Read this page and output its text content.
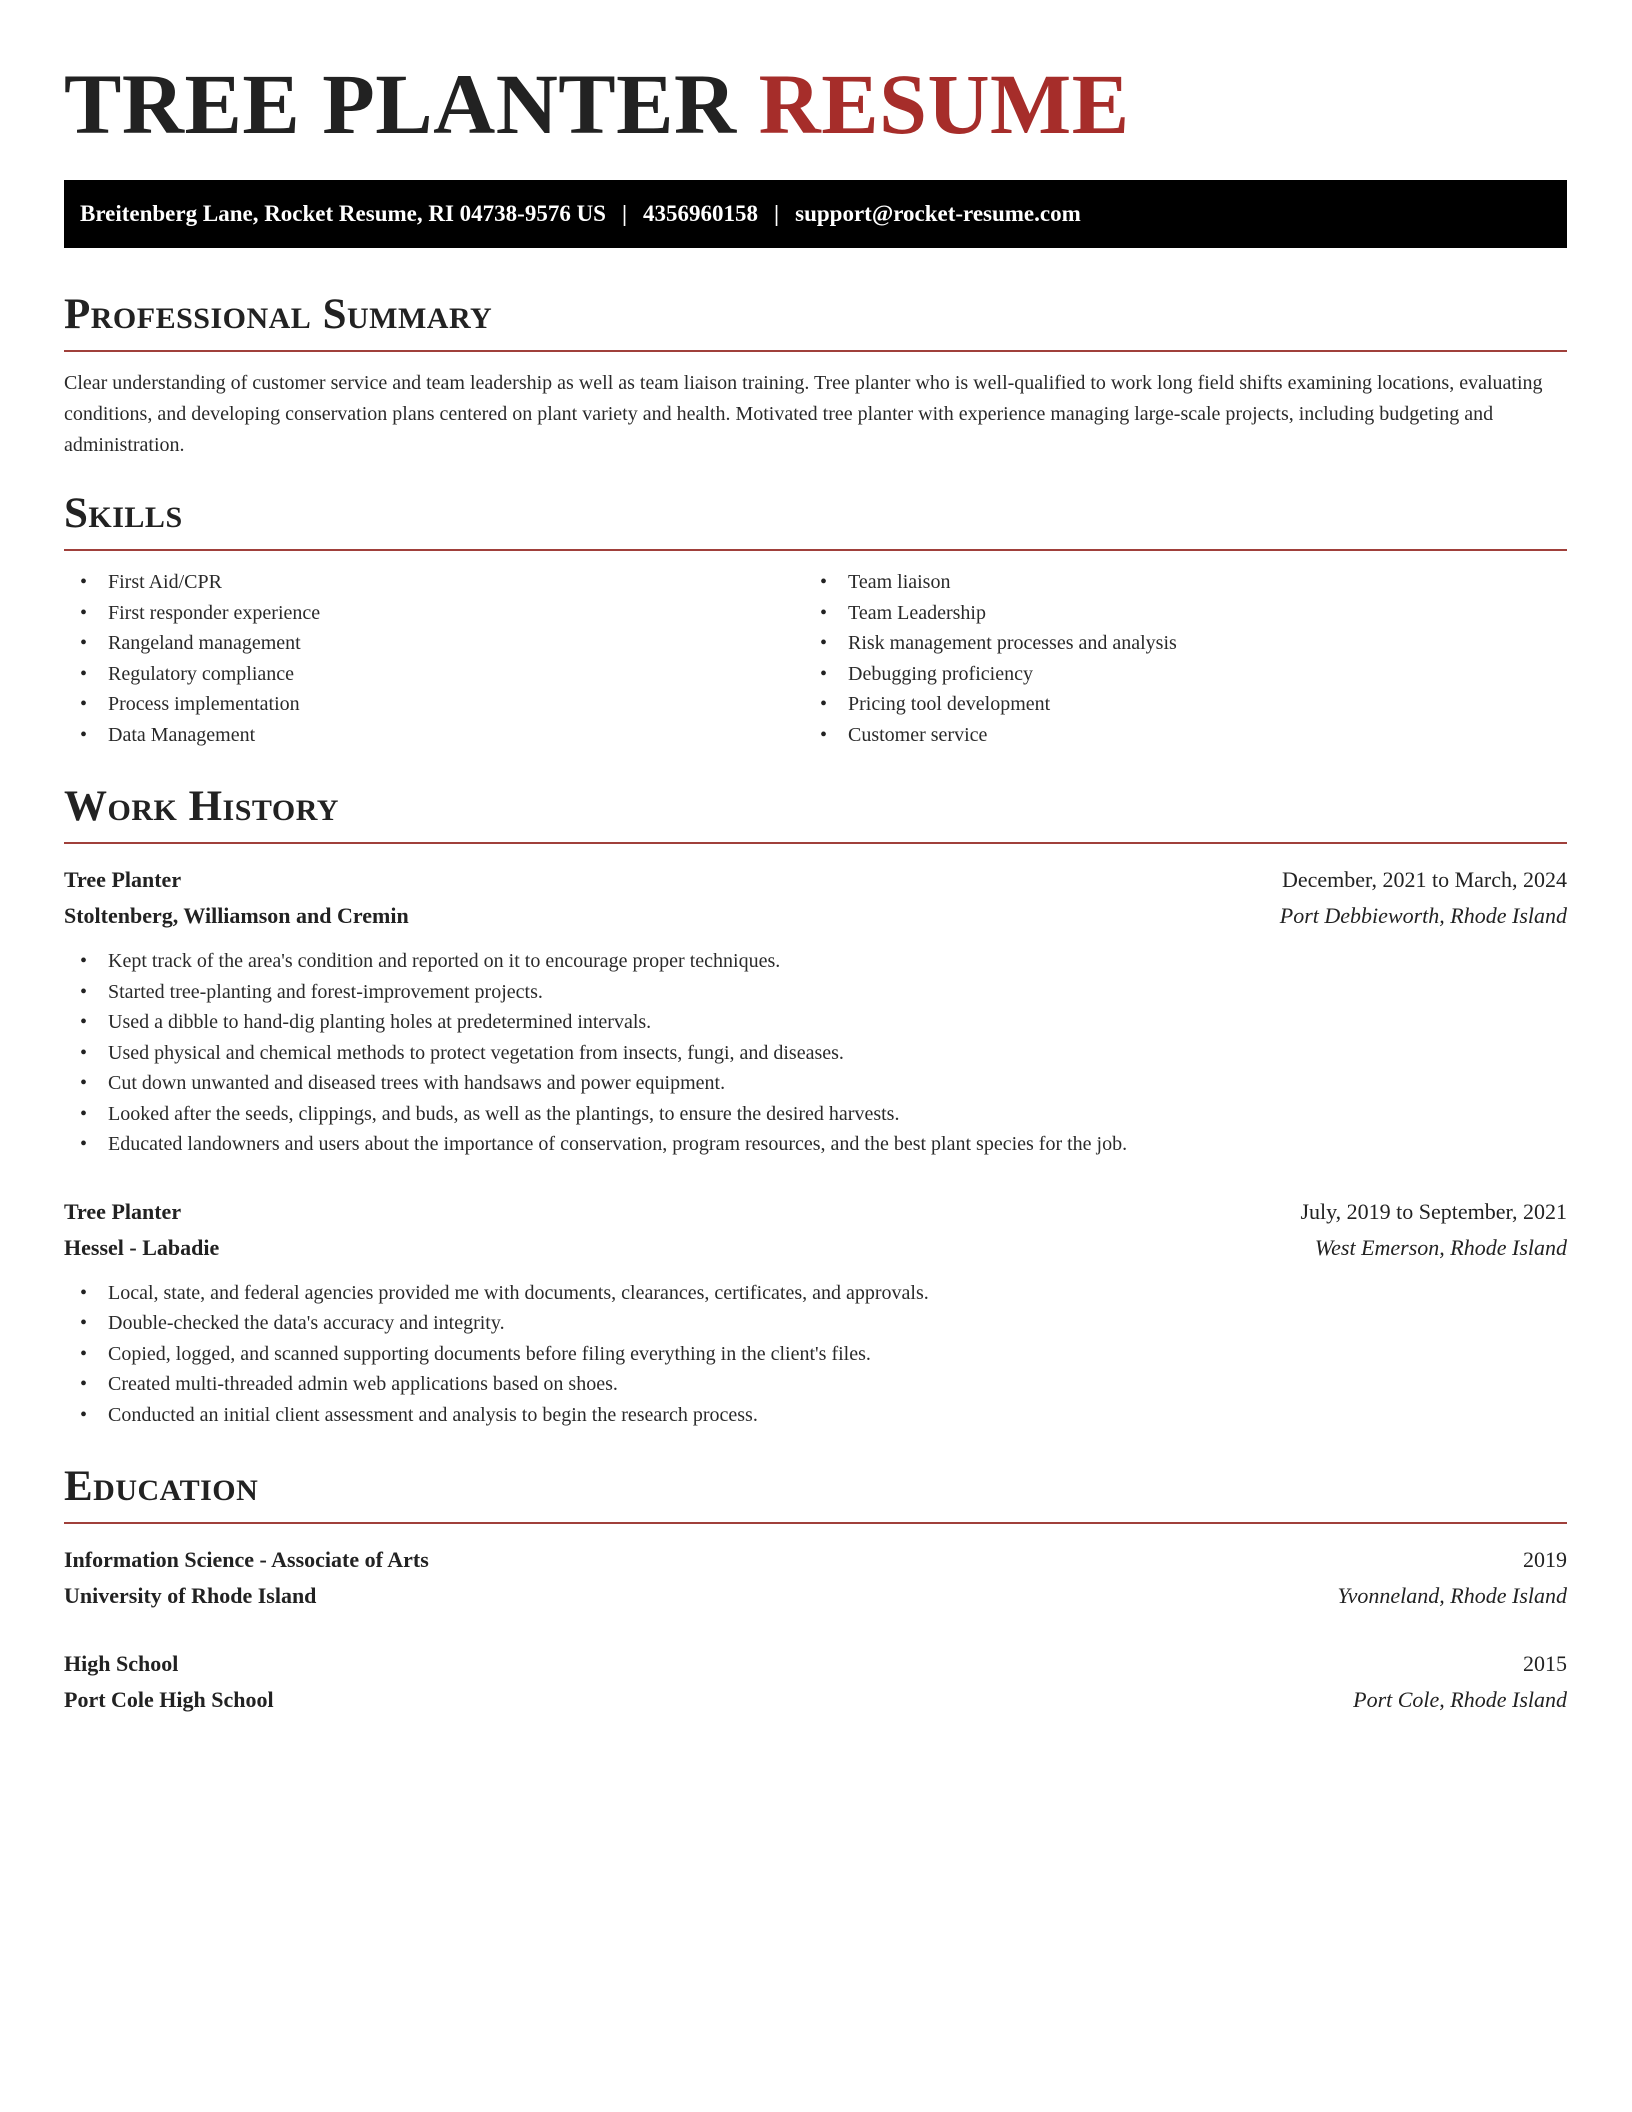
TREE PLANTER RESUME
Breitenberg Lane, Rocket Resume, RI 04738-9576 US | 4356960158 | support@rocket-resume.com
Professional Summary

Clear understanding of customer service and team leadership as well as team liaison training. Tree planter who is well-qualified to work long field shifts examining locations, evaluating conditions, and developing conservation plans centered on plant variety and health. Motivated tree planter with experience managing large-scale projects, including budgeting and administration.

Skills
• First Aid/CPR
• First responder experience
• Rangeland management
• Regulatory compliance
• Process implementation
• Data Management
• Team liaison
• Team Leadership
• Risk management processes and analysis
• Debugging proficiency
• Pricing tool development
• Customer service
Work History
Tree Planter	December, 2021 to March, 2024
Stoltenberg, Williamson and Cremin	Port Debbieworth, Rhode Island
• Kept track of the area's condition and reported on it to encourage proper techniques.
• Started tree-planting and forest-improvement projects.
• Used a dibble to hand-dig planting holes at predetermined intervals.
• Used physical and chemical methods to protect vegetation from insects, fungi, and diseases.
• Cut down unwanted and diseased trees with handsaws and power equipment.
• Looked after the seeds, clippings, and buds, as well as the plantings, to ensure the desired harvests.
• Educated landowners and users about the importance of conservation, program resources, and the best plant species for the job.
Tree Planter	July, 2019 to September, 2021
Hessel - Labadie	West Emerson, Rhode Island
• Local, state, and federal agencies provided me with documents, clearances, certificates, and approvals.
• Double-checked the data's accuracy and integrity.
• Copied, logged, and scanned supporting documents before filing everything in the client's files.
• Created multi-threaded admin web applications based on shoes.
• Conducted an initial client assessment and analysis to begin the research process.
Education
Information Science - Associate of Arts	2019
University of Rhode Island	Yvonneland, Rhode Island
High School	2015
Port Cole High School	Port Cole, Rhode Island
